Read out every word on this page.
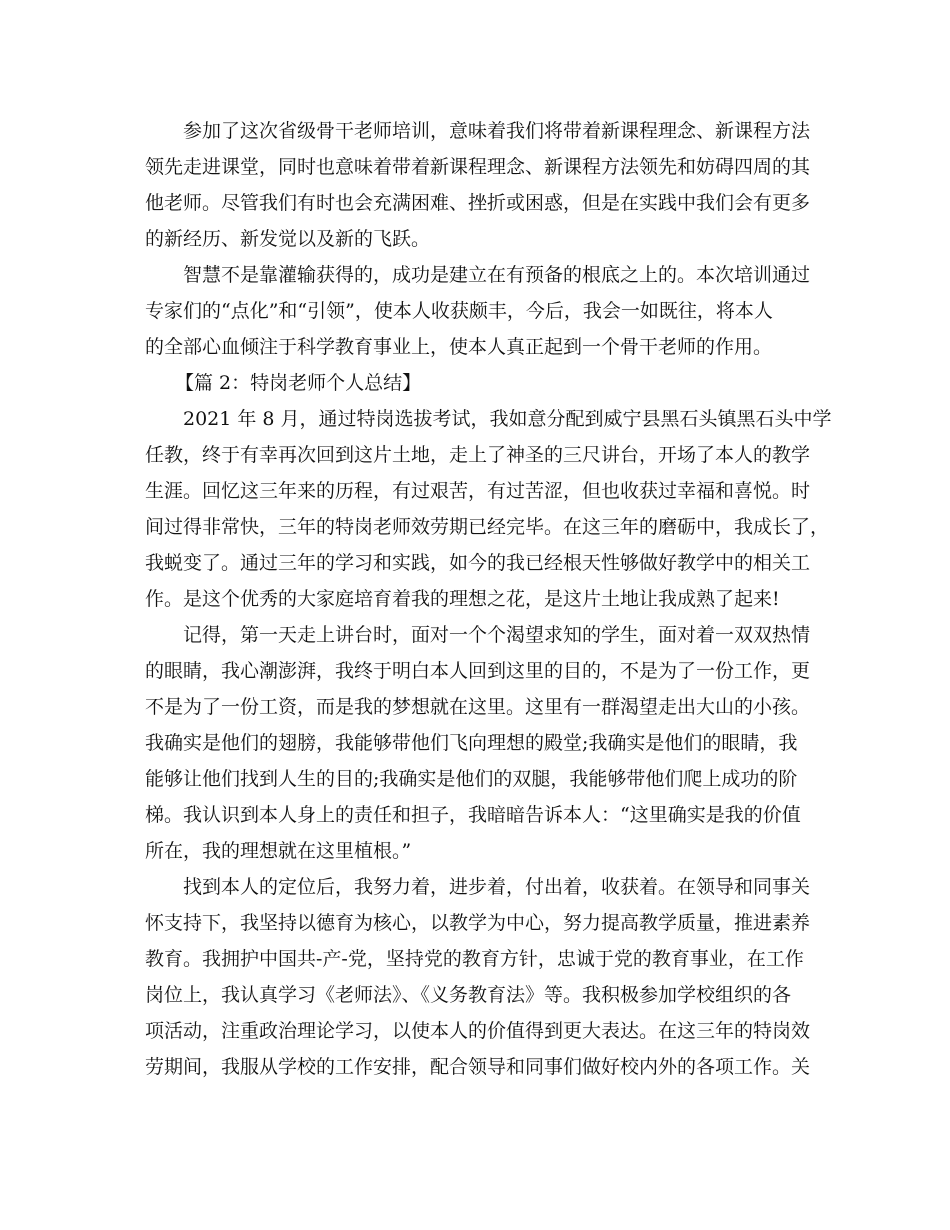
参加了这次省级骨干老师培训，意味着我们将带着新课程理念、新课程方法
领先走进课堂，同时也意味着带着新课程理念、新课程方法领先和妨碍四周的其
他老师。尽管我们有时也会充满困难、挫折或困惑，但是在实践中我们会有更多
的新经历、新发觉以及新的飞跃。
智慧不是靠灌输获得的，成功是建立在有预备的根底之上的。本次培训通过
专家们的“点化”和“引领”，使本人收获颇丰，今后，我会一如既往，将本人
的全部心血倾注于科学教育事业上，使本人真正起到一个骨干老师的作用。
【篇 2：特岗老师个人总结】
2021 年 8 月，通过特岗选拔考试，我如意分配到威宁县黑石头镇黑石头中学
任教，终于有幸再次回到这片土地，走上了神圣的三尺讲台，开场了本人的教学
生涯。回忆这三年来的历程，有过艰苦，有过苦涩，但也收获过幸福和喜悦。时
间过得非常快，三年的特岗老师效劳期已经完毕。在这三年的磨砺中，我成长了，
我蜕变了。通过三年的学习和实践，如今的我已经根天性够做好教学中的相关工
作。是这个优秀的大家庭培育着我的理想之花，是这片土地让我成熟了起来!
记得，第一天走上讲台时，面对一个个渴望求知的学生，面对着一双双热情
的眼睛，我心潮澎湃，我终于明白本人回到这里的目的，不是为了一份工作，更
不是为了一份工资，而是我的梦想就在这里。这里有一群渴望走出大山的小孩。
我确实是他们的翅膀，我能够带他们飞向理想的殿堂;我确实是他们的眼睛，我
能够让他们找到人生的目的;我确实是他们的双腿，我能够带他们爬上成功的阶
梯。我认识到本人身上的责任和担子，我暗暗告诉本人：“这里确实是我的价值
所在，我的理想就在这里植根。”
找到本人的定位后，我努力着，进步着，付出着，收获着。在领导和同事关
怀支持下，我坚持以德育为核心，以教学为中心，努力提高教学质量，推进素养
教育。我拥护中国共-产-党，坚持党的教育方针，忠诚于党的教育事业，在工作
岗位上，我认真学习《老师法》、《义务教育法》等。我积极参加学校组织的各
项活动，注重政治理论学习，以使本人的价值得到更大表达。在这三年的特岗效
劳期间，我服从学校的工作安排，配合领导和同事们做好校内外的各项工作。关
